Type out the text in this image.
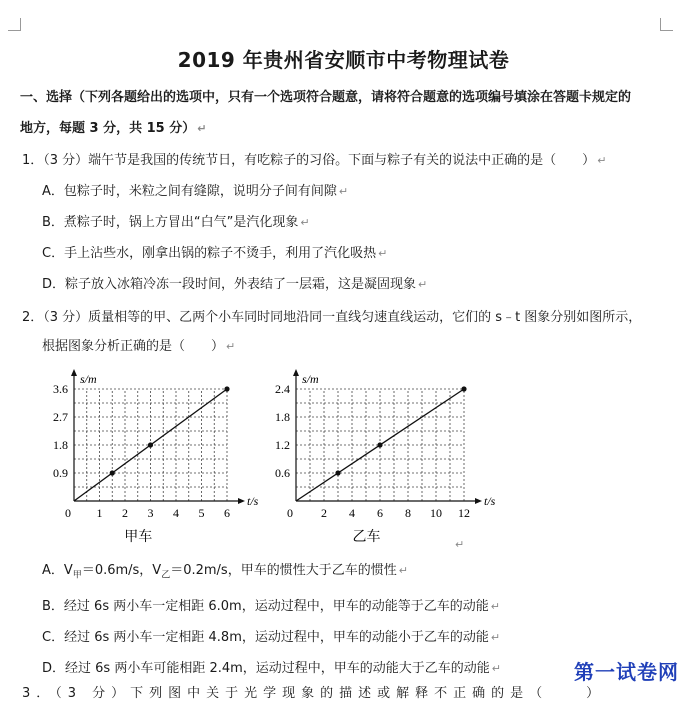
2019 年贵州省安顺市中考物理试卷
一、选择（下列各题给出的选项中，只有一个选项符合题意，请将符合题意的选项编号填涂在答题卡规定的
地方，每题 3 分，共 15 分） ↵
1．（3 分）端午节是我国的传统节日，有吃粽子的习俗。下面与粽子有关的说法中正确的是（　　） ↵
A．包粽子时，米粒之间有缝隙，说明分子间有间隙 ↵
B．煮粽子时，锅上方冒出“白气”是汽化现象 ↵
C．手上沾些水，刚拿出锅的粽子不烫手，利用了汽化吸热 ↵
D．粽子放入冰箱冷冻一段时间，外表结了一层霜，这是凝固现象 ↵
2．（3 分）质量相等的甲、乙两个小车同时同地沿同一直线匀速直线运动，它们的 s﹣t 图象分别如图所示，
根据图象分析正确的是（　　） ↵
s/m
t/s
0 1 2 3 4 5 6
0.9
1.8
2.7
3.6
甲车
s/m
t/s
0 2 4 6 8 10 12
0.6
1.2
1.8
2.4
乙车	↵
A．$V_甲=0.6m/s$，$V_乙=0.2m/s$，甲车的惯性大于乙车的惯性 ↵
B．经过 6s 两小车一定相距 6.0m，运动过程中，甲车的动能等于乙车的动能 ↵
C．经过 6s 两小车一定相距 4.8m，运动过程中，甲车的动能小于乙车的动能 ↵
D．经过 6s 两小车可能相距 2.4m，运动过程中，甲车的动能大于乙车的动能 ↵
3．（3 分）下列图中关于光学现象的描述或解释不正确的是（　　）
第一试卷网
